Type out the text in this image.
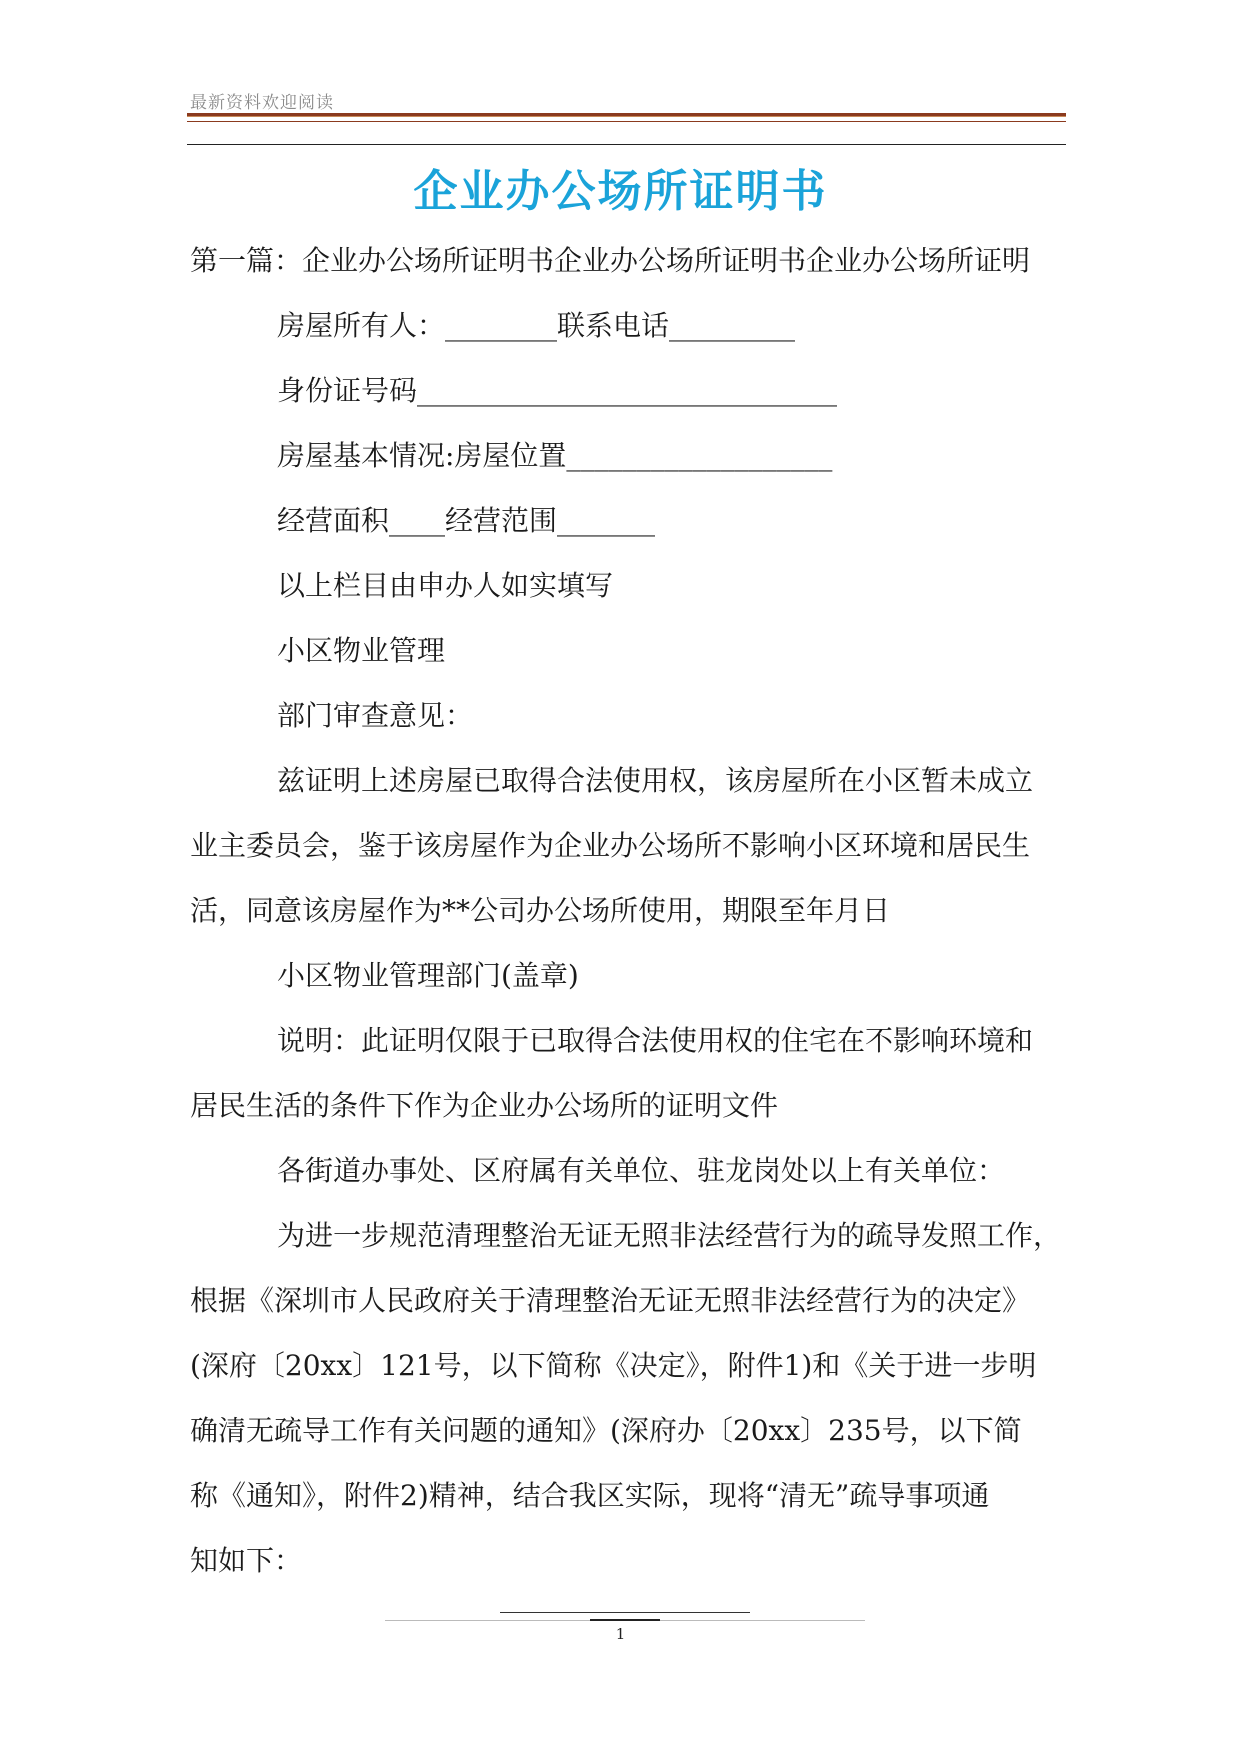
最新资料欢迎阅读
企业办公场所证明书
第一篇：企业办公场所证明书企业办公场所证明书企业办公场所证明
房屋所有人：________联系电话_________
身份证号码______________________________
房屋基本情况:房屋位置___________________
经营面积____经营范围_______
以上栏目由申办人如实填写
小区物业管理
部门审查意见：
兹证明上述房屋已取得合法使用权，该房屋所在小区暂未成立
业主委员会，鉴于该房屋作为企业办公场所不影响小区环境和居民生
活，同意该房屋作为**公司办公场所使用，期限至年月日
小区物业管理部门(盖章)
说明：此证明仅限于已取得合法使用权的住宅在不影响环境和
居民生活的条件下作为企业办公场所的证明文件
各街道办事处、区府属有关单位、驻龙岗处以上有关单位：
为进一步规范清理整治无证无照非法经营行为的疏导发照工作，
根据《深圳市人民政府关于清理整治无证无照非法经营行为的决定》
(深府〔20xx〕121号，以下简称《决定》，附件1)和《关于进一步明
确清无疏导工作有关问题的通知》(深府办〔20xx〕235号，以下简
称《通知》，附件2)精神，结合我区实际，现将“清无”疏导事项通
知如下：
1
